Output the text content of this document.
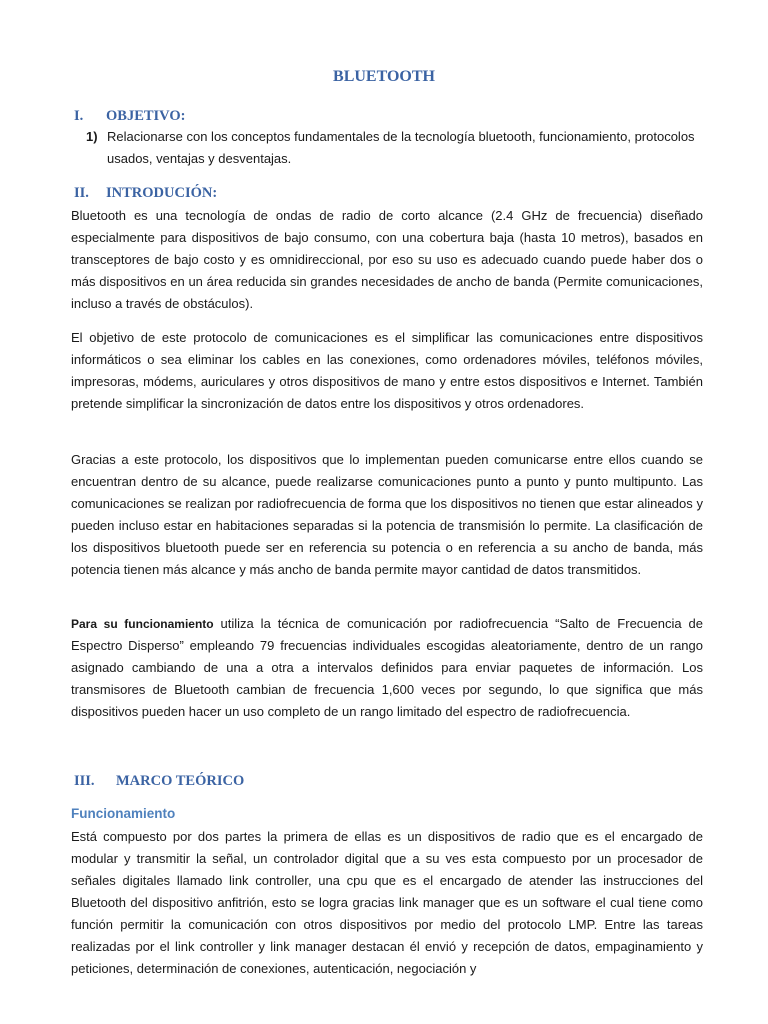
BLUETOOTH
I. OBJETIVO:
1) Relacionarse con los conceptos fundamentales de la tecnología bluetooth, funcionamiento, protocolos usados, ventajas y desventajas.
II. INTRODUCIÓN:

Bluetooth es una tecnología de ondas de radio de corto alcance (2.4 GHz de frecuencia) diseñado especialmente para dispositivos de bajo consumo, con una cobertura baja (hasta 10 metros), basados en transceptores de bajo costo y es omnidireccional, por eso su uso es adecuado cuando puede haber dos o más dispositivos en un área reducida sin grandes necesidades de ancho de banda (Permite comunicaciones, incluso a través de obstáculos).

El objetivo de este protocolo de comunicaciones es el simplificar las comunicaciones entre dispositivos informáticos o sea eliminar los cables en las conexiones, como ordenadores móviles, teléfonos móviles, impresoras, módems, auriculares y otros dispositivos de mano y entre estos dispositivos e Internet. También pretende simplificar la sincronización de datos entre los dispositivos y otros ordenadores.

Gracias a este protocolo, los dispositivos que lo implementan pueden comunicarse entre ellos cuando se encuentran dentro de su alcance, puede realizarse comunicaciones punto a punto y punto multipunto. Las comunicaciones se realizan por radiofrecuencia de forma que los dispositivos no tienen que estar alineados y pueden incluso estar en habitaciones separadas si la potencia de transmisión lo permite. La clasificación de los dispositivos bluetooth puede ser en referencia su potencia o en referencia a su ancho de banda, más potencia tienen más alcance y más ancho de banda permite mayor cantidad de datos transmitidos.

Para su funcionamiento utiliza la técnica de comunicación por radiofrecuencia “Salto de Frecuencia de Espectro Disperso” empleando 79 frecuencias individuales escogidas aleatoriamente, dentro de un rango asignado cambiando de una a otra a intervalos definidos para enviar paquetes de información. Los transmisores de Bluetooth cambian de frecuencia 1,600 veces por segundo, lo que significa que más dispositivos pueden hacer un uso completo de un rango limitado del espectro de radiofrecuencia.

III. MARCO TEÓRICO
Funcionamiento

Está compuesto por dos partes la primera de ellas es un dispositivos de radio que es el encargado de modular y transmitir la señal, un controlador digital que a su ves esta compuesto por un procesador de señales digitales llamado link controller, una cpu que es el encargado de atender las instrucciones del Bluetooth del dispositivo anfitrión, esto se logra gracias link manager que es un software el cual tiene como función permitir la comunicación con otros dispositivos por medio del protocolo LMP. Entre las tareas realizadas por el link controller y link manager destacan él envió y recepción de datos, empaginamiento y peticiones, determinación de conexiones, autenticación, negociación y
